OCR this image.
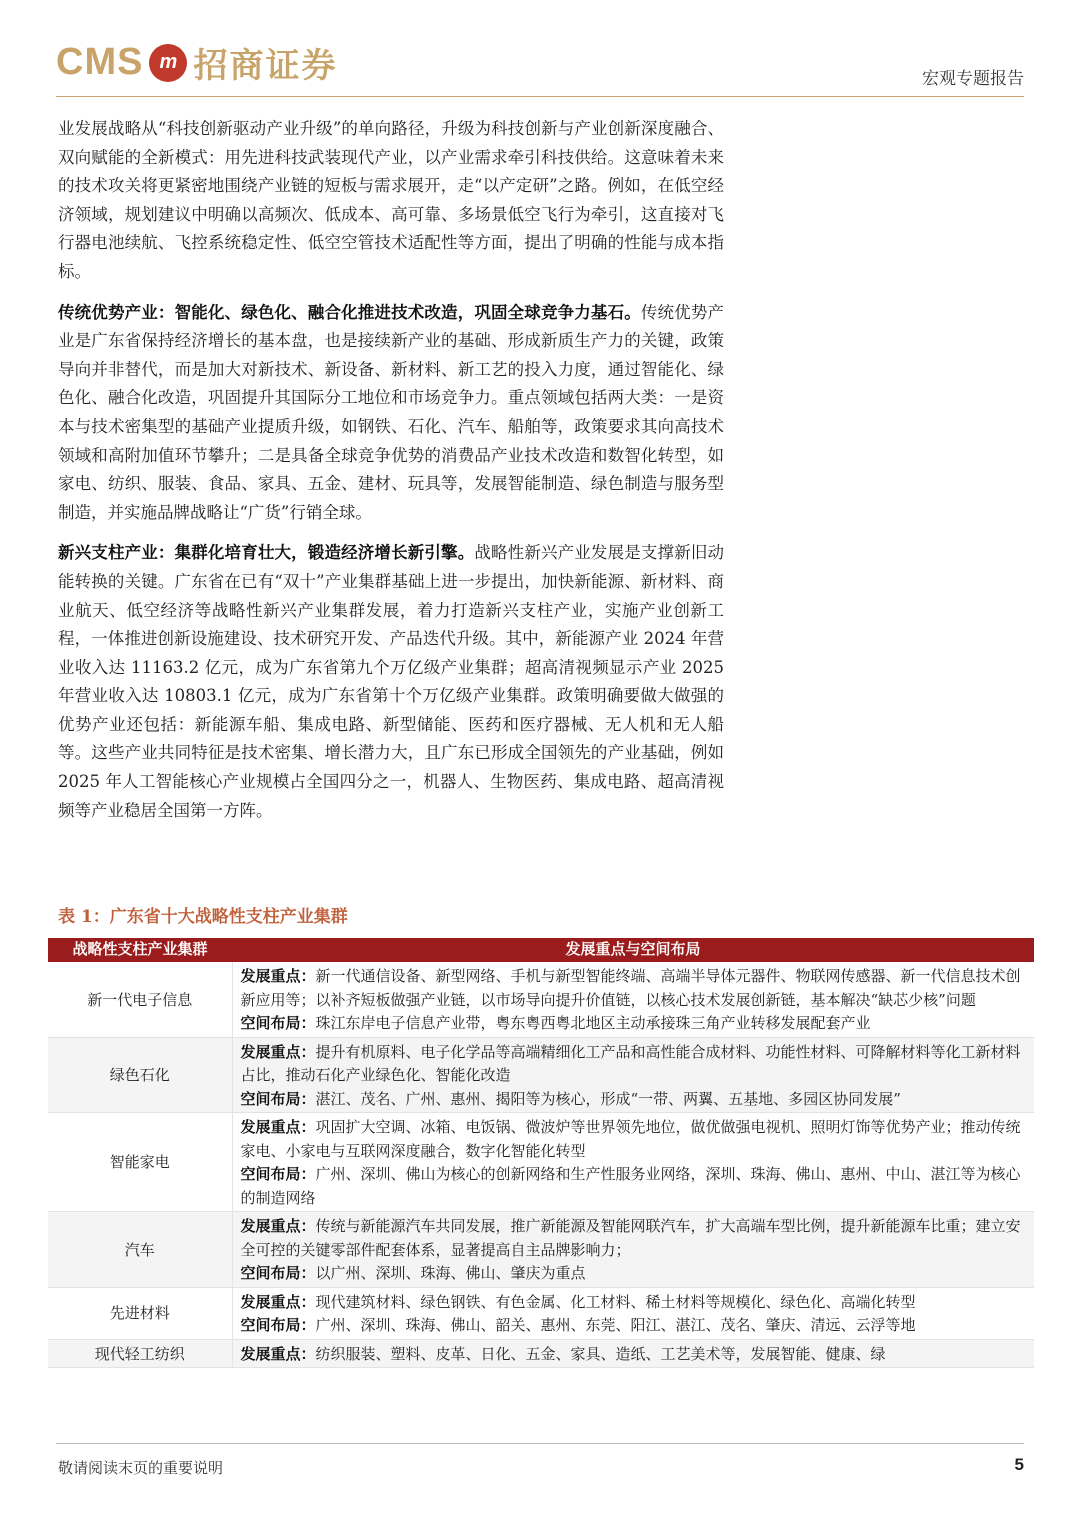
CMS m 招商证券	宏观专题报告

业发展战略从“科技创新驱动产业升级”的单向路径，升级为科技创新与产业创新深度融合、双向赋能的全新模式：用先进科技武装现代产业，以产业需求牵引科技供给。这意味着未来的技术攻关将更紧密地围绕产业链的短板与需求展开，走“以产定研”之路。例如，在低空经济领域，规划建议中明确以高频次、低成本、高可靠、多场景低空飞行为牵引，这直接对飞行器电池续航、飞控系统稳定性、低空空管技术适配性等方面，提出了明确的性能与成本指标。

传统优势产业：智能化、绿色化、融合化推进技术改造，巩固全球竞争力基石。传统优势产业是广东省保持经济增长的基本盘，也是接续新产业的基础、形成新质生产力的关键，政策导向并非替代，而是加大对新技术、新设备、新材料、新工艺的投入力度，通过智能化、绿色化、融合化改造，巩固提升其国际分工地位和市场竞争力。重点领域包括两大类：一是资本与技术密集型的基础产业提质升级，如钢铁、石化、汽车、船舶等，政策要求其向高技术领域和高附加值环节攀升；二是具备全球竞争优势的消费品产业技术改造和数智化转型，如家电、纺织、服装、食品、家具、五金、建材、玩具等，发展智能制造、绿色制造与服务型制造，并实施品牌战略让“广货”行销全球。

新兴支柱产业：集群化培育壮大，锻造经济增长新引擎。战略性新兴产业发展是支撑新旧动能转换的关键。广东省在已有“双十”产业集群基础上进一步提出，加快新能源、新材料、商业航天、低空经济等战略性新兴产业集群发展，着力打造新兴支柱产业，实施产业创新工程，一体推进创新设施建设、技术研究开发、产品迭代升级。其中，新能源产业 2024 年营业收入达 11163.2 亿元，成为广东省第九个万亿级产业集群；超高清视频显示产业 2025 年营业收入达 10803.1 亿元，成为广东省第十个万亿级产业集群。政策明确要做大做强的优势产业还包括：新能源车船、集成电路、新型储能、医药和医疗器械、无人机和无人船等。这些产业共同特征是技术密集、增长潜力大，且广东已形成全国领先的产业基础，例如 2025 年人工智能核心产业规模占全国四分之一，机器人、生物医药、集成电路、超高清视频等产业稳居全国第一方阵。

表 1：广东省十大战略性支柱产业集群
战略性支柱产业集群	发展重点与空间布局
新一代电子信息	发展重点：新一代通信设备、新型网络、手机与新型智能终端、高端半导体元器件、物联网传感器、新一代信息技术创新应用等；以补齐短板做强产业链，以市场导向提升价值链，以核心技术发展创新链，基本解决“缺芯少核”问题
空间布局：珠江东岸电子信息产业带，粤东粤西粤北地区主动承接珠三角产业转移发展配套产业
绿色石化	发展重点：提升有机原料、电子化学品等高端精细化工产品和高性能合成材料、功能性材料、可降解材料等化工新材料占比，推动石化产业绿色化、智能化改造
空间布局：湛江、茂名、广州、惠州、揭阳等为核心，形成“一带、两翼、五基地、多园区协同发展”
智能家电	发展重点：巩固扩大空调、冰箱、电饭锅、微波炉等世界领先地位，做优做强电视机、照明灯饰等优势产业；推动传统家电、小家电与互联网深度融合，数字化智能化转型
空间布局：广州、深圳、佛山为核心的创新网络和生产性服务业网络，深圳、珠海、佛山、惠州、中山、湛江等为核心的制造网络
汽车	发展重点：传统与新能源汽车共同发展，推广新能源及智能网联汽车，扩大高端车型比例，提升新能源车比重；建立安全可控的关键零部件配套体系，显著提高自主品牌影响力；
空间布局：以广州、深圳、珠海、佛山、肇庆为重点
先进材料	发展重点：现代建筑材料、绿色钢铁、有色金属、化工材料、稀土材料等规模化、绿色化、高端化转型
空间布局：广州、深圳、珠海、佛山、韶关、惠州、东莞、阳江、湛江、茂名、肇庆、清远、云浮等地
现代轻工纺织	发展重点：纺织服装、塑料、皮革、日化、五金、家具、造纸、工艺美术等，发展智能、健康、绿
敬请阅读末页的重要说明	5
